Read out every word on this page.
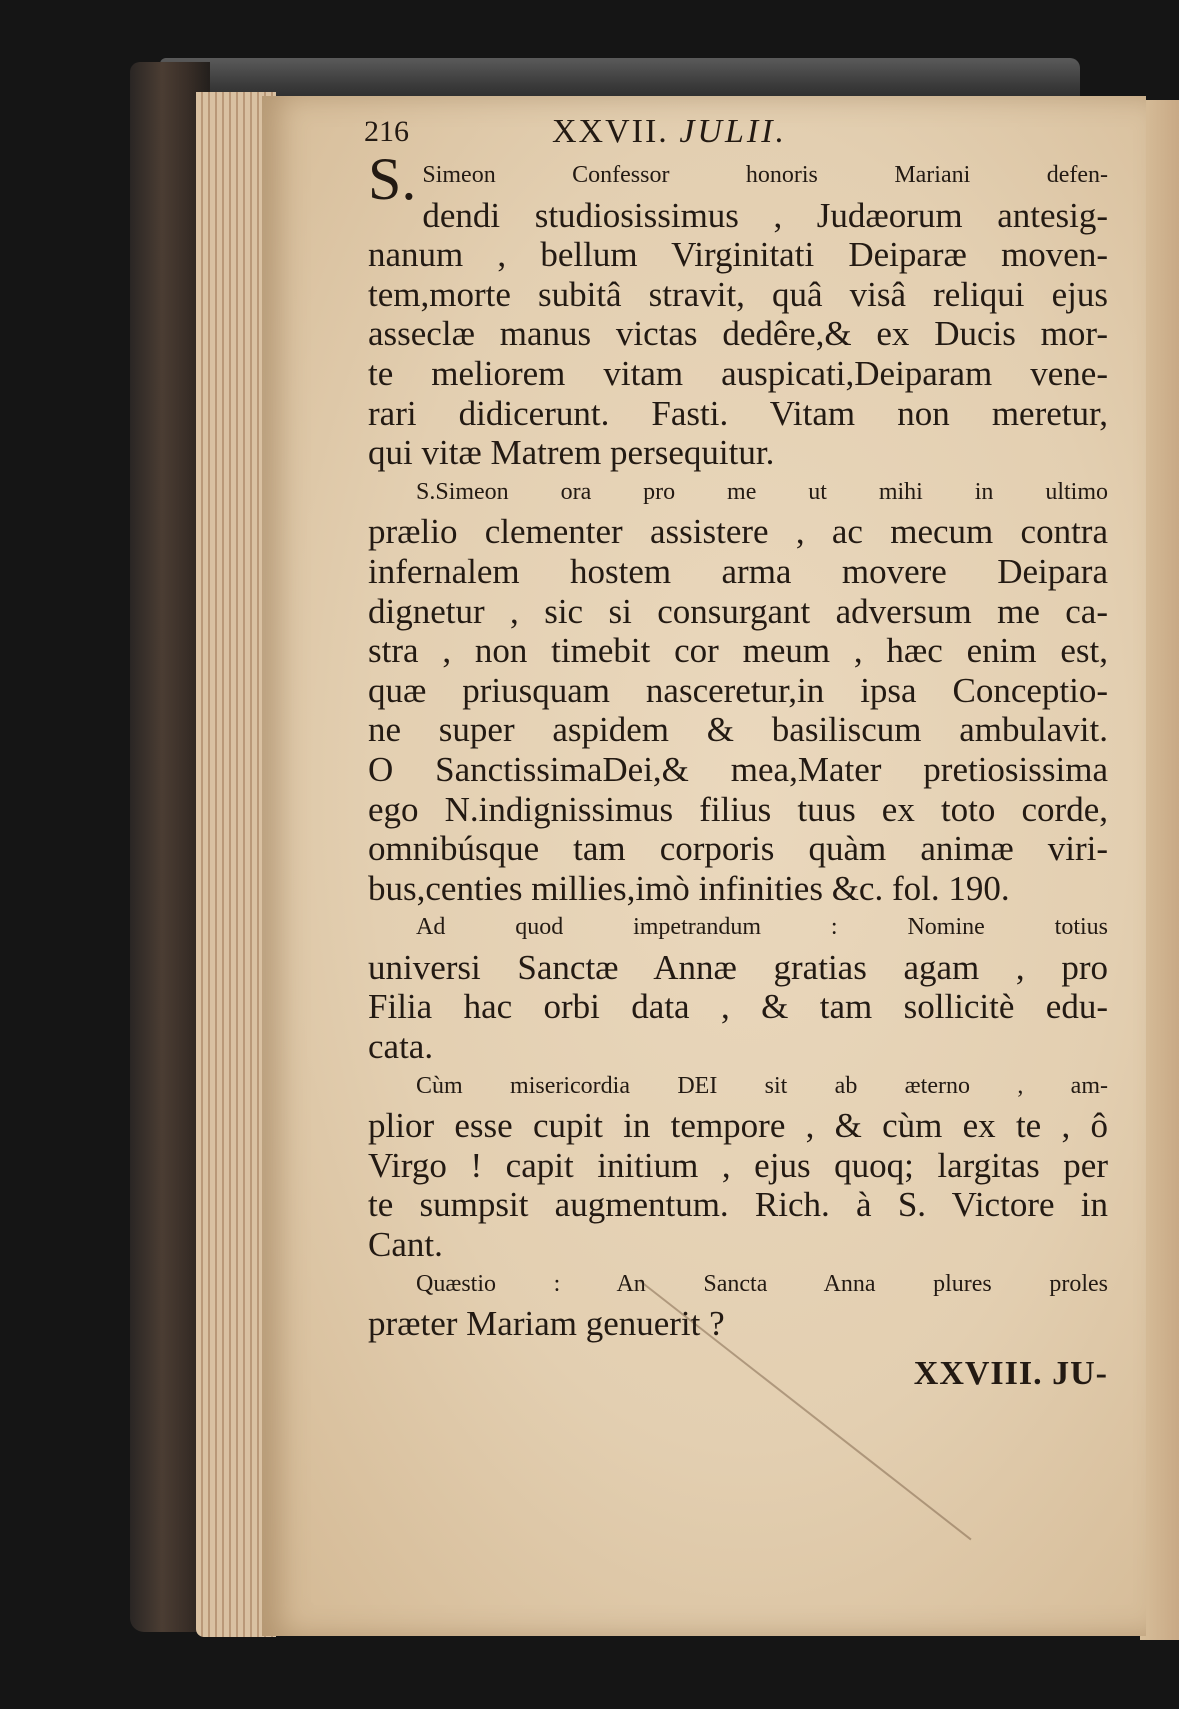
216	XXVII. JULII.
S. Simeon Confessor honoris Mariani defen-
dendi studiosissimus , Judæorum antesig-
nanum , bellum Virginitati Deiparæ moven-
tem,morte subitâ stravit, quâ visâ reliqui ejus
asseclæ manus victas dedêre,& ex Ducis mor-
te meliorem vitam auspicati,Deiparam vene-
rari didicerunt. Fasti. Vitam non meretur,
qui vitæ Matrem persequitur.
S.Simeon ora pro me ut mihi in ultimo
prælio clementer assistere , ac mecum contra
infernalem hostem arma movere Deipara
dignetur , sic si consurgant adversum me ca-
stra , non timebit cor meum , hæc enim est,
quæ priusquam nasceretur,in ipsa Conceptio-
ne super aspidem & basiliscum ambulavit.
O SanctissimaDei,& mea,Mater pretiosissima
ego N.indignissimus filius tuus ex toto corde,
omnibúsque tam corporis quàm animæ viri-
bus,centies millies,imò infinities &c. fol. 190.
Ad quod impetrandum : Nomine totius
universi Sanctæ Annæ gratias agam , pro
Filia hac orbi data , & tam sollicitè edu-
cata.
Cùm misericordia DEI sit ab æterno , am-
plior esse cupit in tempore , & cùm ex te , ô
Virgo ! capit initium , ejus quoq; largitas per
te sumpsit augmentum. Rich. à S. Victore in
Cant.
Quæstio : An Sancta Anna plures proles
præter Mariam genuerit ?
XXVIII. JU-
